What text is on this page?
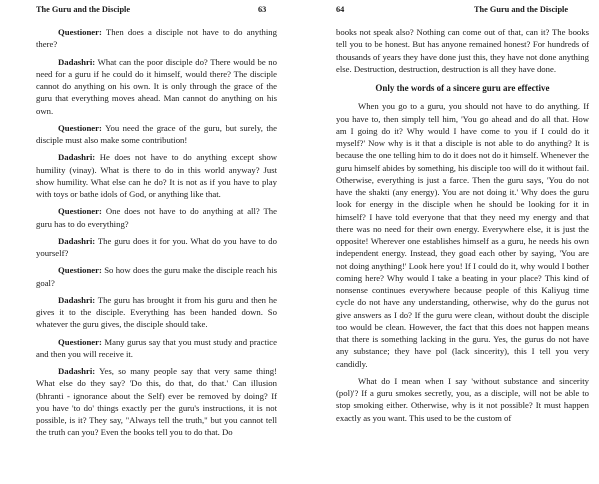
The Guru and the Disciple	63

Questioner: Then does a disciple not have to do anything there?

Dadashri: What can the poor disciple do? There would be no need for a guru if he could do it himself, would there? The disciple cannot do anything on his own. It is only through the grace of the guru that everything moves ahead. Man cannot do anything on his own.

Questioner: You need the grace of the guru, but surely, the disciple must also make some contribution!

Dadashri: He does not have to do anything except show humility (vinay). What is there to do in this world anyway? Just show humility. What else can he do? It is not as if you have to play with toys or bathe idols of God, or anything like that.

Questioner: One does not have to do anything at all? The guru has to do everything?

Dadashri: The guru does it for you. What do you have to do yourself?

Questioner: So how does the guru make the disciple reach his goal?

Dadashri: The guru has brought it from his guru and then he gives it to the disciple. Everything has been handed down. So whatever the guru gives, the disciple should take.

Questioner: Many gurus say that you must study and practice and then you will receive it.

Dadashri: Yes, so many people say that very same thing! What else do they say? 'Do this, do that, do that.' Can illusion (bhranti - ignorance about the Self) ever be removed by doing? If you have 'to do' things exactly per the guru's instructions, it is not possible, is it? They say, "Always tell the truth," but you cannot tell the truth can you? Even the books tell you to do that. Do

64	The Guru and the Disciple

books not speak also? Nothing can come out of that, can it? The books tell you to be honest. But has anyone remained honest? For hundreds of thousands of years they have done just this, they have not done anything else. Destruction, destruction, destruction is all they have done.

Only the words of a sincere guru are effective

When you go to a guru, you should not have to do anything. If you have to, then simply tell him, 'You go ahead and do all that. How am I going do it? Why would I have come to you if I could do it myself?' Now why is it that a disciple is not able to do anything? It is because the one telling him to do it does not do it himself. Whenever the guru himself abides by something, his disciple too will do it without fail. Otherwise, everything is just a farce. Then the guru says, 'You do not have the shakti (any energy). You are not doing it.' Why does the guru look for energy in the disciple when he should be looking for it in himself? I have told everyone that that they need my energy and that there was no need for their own energy. Everywhere else, it is just the opposite! Wherever one establishes himself as a guru, he needs his own independent energy. Instead, they goad each other by saying, 'You are not doing anything!' Look here you! If I could do it, why would I bother coming here? Why would I take a beating in your place? This kind of nonsense continues everywhere because people of this Kaliyug time cycle do not have any understanding, otherwise, why do the gurus not give answers as I do? If the guru were clean, without doubt the disciple too would be clean. However, the fact that this does not happen means that there is something lacking in the guru. Yes, the gurus do not have any substance; they have pol (lack sincerity), this I tell you very candidly.

What do I mean when I say 'without substance and sincerity (pol)'? If a guru smokes secretly, you, as a disciple, will not be able to stop smoking either. Otherwise, why is it not possible? It must happen exactly as you want. This used to be the custom of
